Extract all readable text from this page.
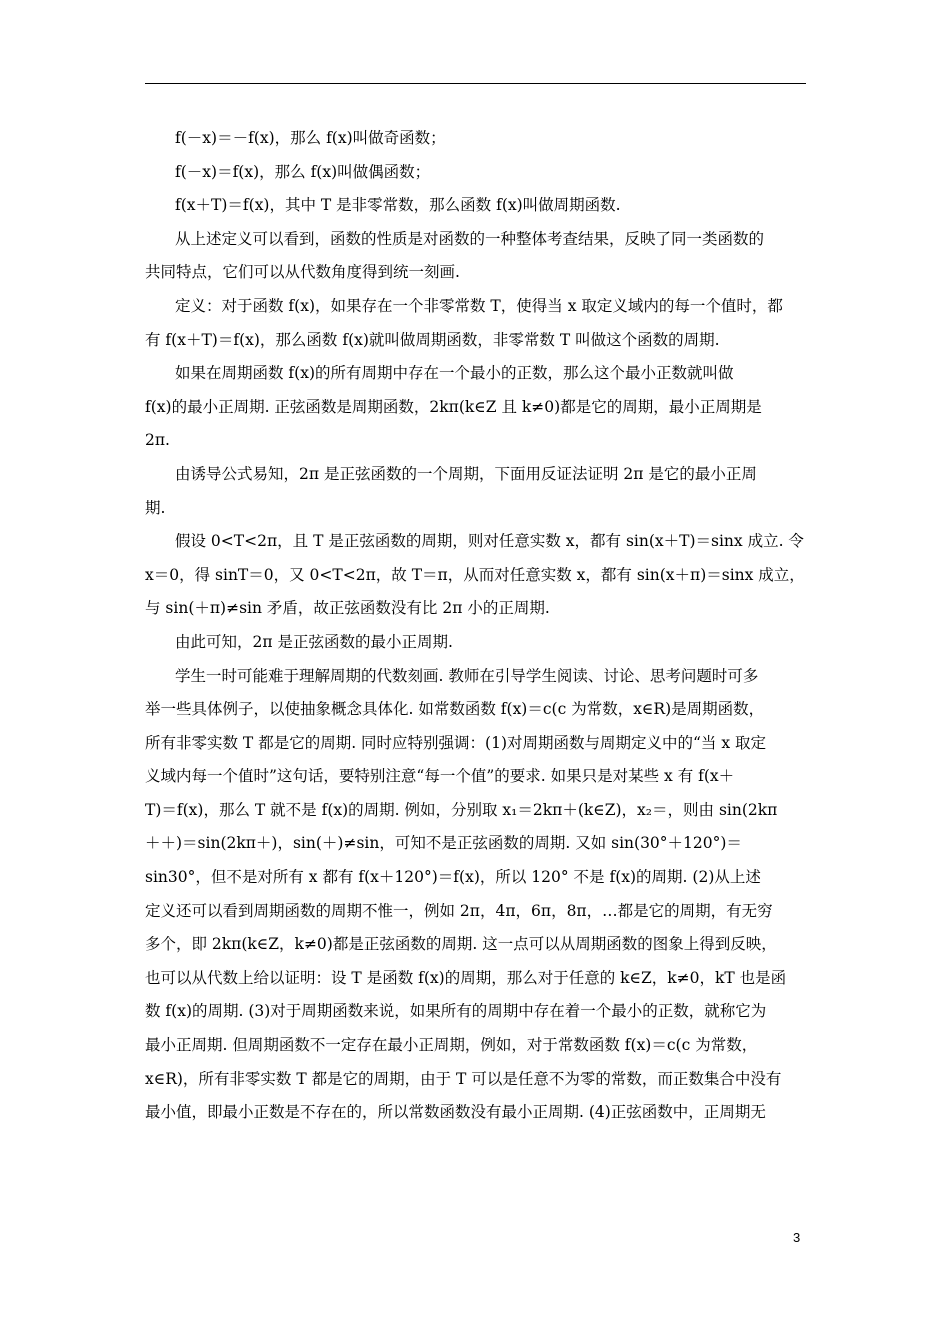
f(－x)＝－f(x)，那么 f(x)叫做奇函数；
f(－x)＝f(x)，那么 f(x)叫做偶函数；
f(x＋T)＝f(x)，其中 T 是非零常数，那么函数 f(x)叫做周期函数.
从上述定义可以看到，函数的性质是对函数的一种整体考查结果，反映了同一类函数的
共同特点，它们可以从代数角度得到统一刻画.
定义：对于函数 f(x)，如果存在一个非零常数 T，使得当 x 取定义域内的每一个值时，都
有 f(x＋T)＝f(x)，那么函数 f(x)就叫做周期函数，非零常数 T 叫做这个函数的周期.
如果在周期函数 f(x)的所有周期中存在一个最小的正数，那么这个最小正数就叫做
f(x)的最小正周期. 正弦函数是周期函数，2kπ(k∈Z 且 k≠0)都是它的周期，最小正周期是
2π.
由诱导公式易知，2π 是正弦函数的一个周期，下面用反证法证明 2π 是它的最小正周
期.
假设 0<T<2π，且 T 是正弦函数的周期，则对任意实数 x，都有 sin(x＋T)＝sinx 成立. 令
x＝0，得 sinT＝0，又 0<T<2π，故 T＝π，从而对任意实数 x，都有 sin(x＋π)＝sinx 成立，
与 sin(＋π)≠sin 矛盾，故正弦函数没有比 2π 小的正周期.
由此可知，2π 是正弦函数的最小正周期.
学生一时可能难于理解周期的代数刻画. 教师在引导学生阅读、讨论、思考问题时可多
举一些具体例子，以使抽象概念具体化. 如常数函数 f(x)＝c(c 为常数，x∈R)是周期函数，
所有非零实数 T 都是它的周期. 同时应特别强调：(1)对周期函数与周期定义中的“当 x 取定
义域内每一个值时”这句话，要特别注意“每一个值”的要求. 如果只是对某些 x 有 f(x＋
T)＝f(x)，那么 T 就不是 f(x)的周期. 例如，分别取 x₁＝2kπ＋(k∈Z)，x₂＝，则由 sin(2kπ
＋＋)＝sin(2kπ＋)，sin(＋)≠sin，可知不是正弦函数的周期. 又如 sin(30°＋120°)＝
sin30°，但不是对所有 x 都有 f(x＋120°)＝f(x)，所以 120° 不是 f(x)的周期. (2)从上述
定义还可以看到周期函数的周期不惟一，例如 2π，4π，6π，8π，…都是它的周期，有无穷
多个，即 2kπ(k∈Z，k≠0)都是正弦函数的周期. 这一点可以从周期函数的图象上得到反映，
也可以从代数上给以证明：设 T 是函数 f(x)的周期，那么对于任意的 k∈Z，k≠0，kT 也是函
数 f(x)的周期. (3)对于周期函数来说，如果所有的周期中存在着一个最小的正数，就称它为
最小正周期. 但周期函数不一定存在最小正周期，例如，对于常数函数 f(x)＝c(c 为常数，
x∈R)，所有非零实数 T 都是它的周期，由于 T 可以是任意不为零的常数，而正数集合中没有
最小值，即最小正数是不存在的，所以常数函数没有最小正周期. (4)正弦函数中，正周期无
3
